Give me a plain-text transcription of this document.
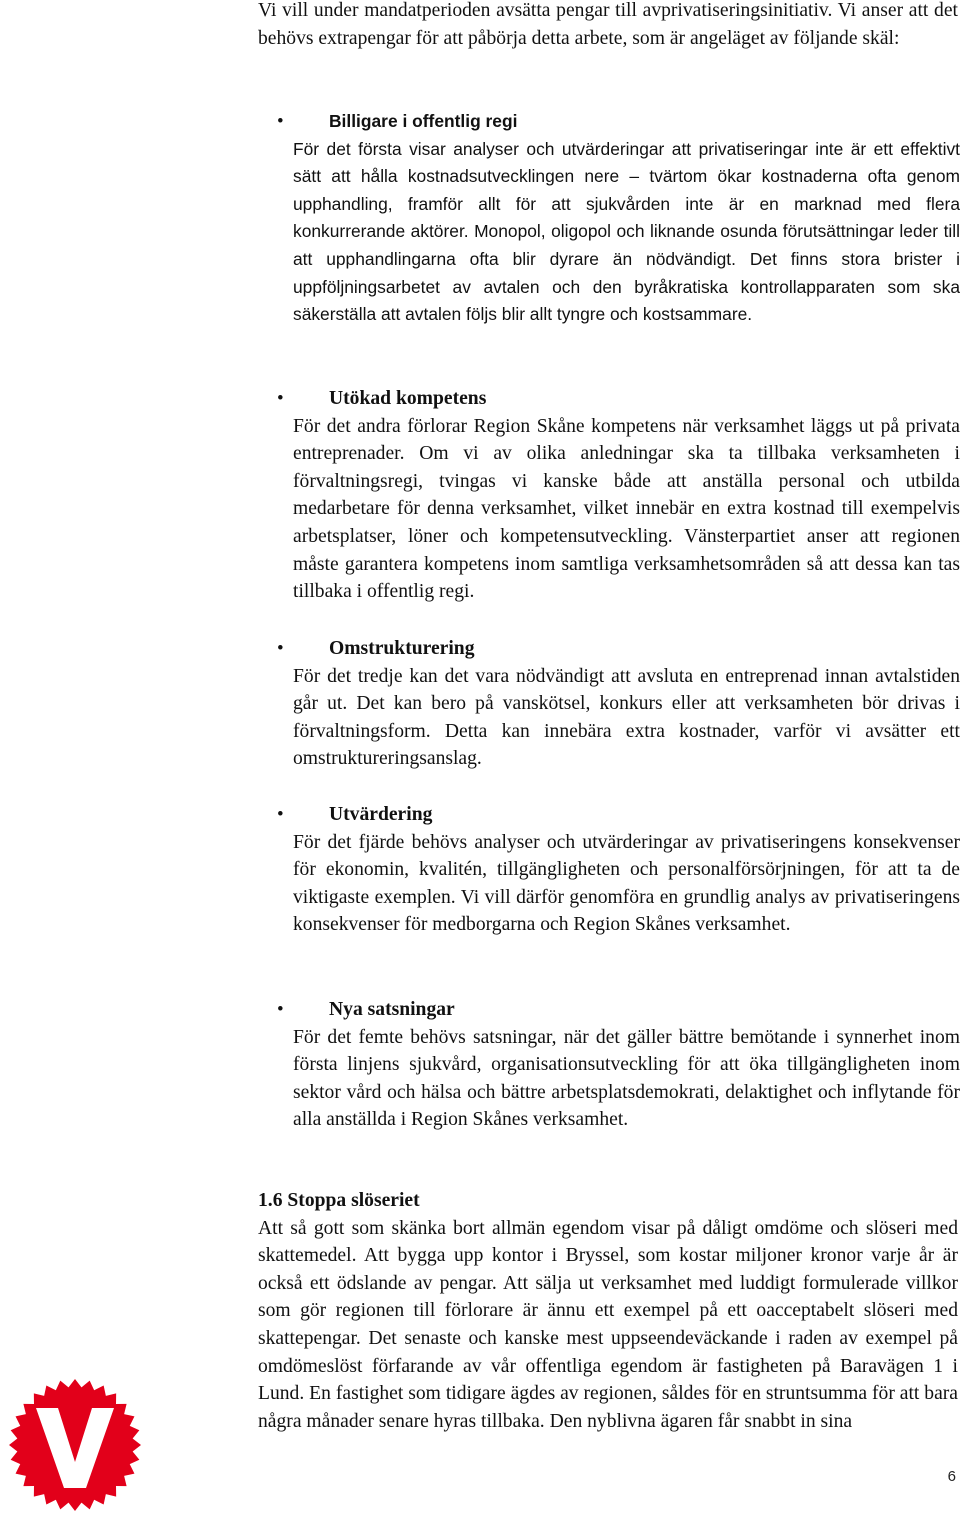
Vi vill under mandatperioden avsätta pengar till avprivatiseringsinitiativ. Vi anser att det behövs extrapengar för att påbörja detta arbete, som är angeläget av följande skäl:

•	Billigare i offentlig regi

För det första visar analyser och utvärderingar att privatiseringar inte är ett effektivt sätt att hålla kostnadsutvecklingen nere – tvärtom ökar kostnaderna ofta genom upphandling, framför allt för att sjukvården inte är en marknad med flera konkurrerande aktörer. Monopol, oligopol och liknande osunda förutsättningar leder till att upphandlingarna ofta blir dyrare än nödvändigt. Det finns stora brister i uppföljningsarbetet av avtalen och den byråkratiska kontrollapparaten som ska säkerställa att avtalen följs blir allt tyngre och kostsammare.

• Utökad kompetens

För det andra förlorar Region Skåne kompetens när verksamhet läggs ut på privata entreprenader. Om vi av olika anledningar ska ta tillbaka verksamheten i förvaltningsregi, tvingas vi kanske både att anställa personal och utbilda medarbetare för denna verksamhet, vilket innebär en extra kostnad till exempelvis arbetsplatser, löner och kompetensutveckling. Vänsterpartiet anser att regionen måste garantera kompetens inom samtliga verksamhetsområden så att dessa kan tas tillbaka i offentlig regi.

• Omstrukturering

För det tredje kan det vara nödvändigt att avsluta en entreprenad innan avtalstiden går ut. Det kan bero på vanskötsel, konkurs eller att verksamheten bör drivas i förvaltningsform. Detta kan innebära extra kostnader, varför vi avsätter ett omstruktureringsanslag.

• Utvärdering

För det fjärde behövs analyser och utvärderingar av privatiseringens konsekvenser för ekonomin, kvalitén, tillgängligheten och personalförsörjningen, för att ta de viktigaste exemplen. Vi vill därför genomföra en grundlig analys av privatiseringens konsekvenser för medborgarna och Region Skånes verksamhet.

• Nya satsningar

För det femte behövs satsningar, när det gäller bättre bemötande i synnerhet inom första linjens sjukvård, organisationsutveckling för att öka tillgängligheten inom sektor vård och hälsa och bättre arbetsplatsdemokrati, delaktighet och inflytande för alla anställda i Region Skånes verksamhet.

1.6 Stoppa slöseriet

Att så gott som skänka bort allmän egendom visar på dåligt omdöme och slöseri med skattemedel. Att bygga upp kontor i Bryssel, som kostar miljoner kronor varje år är också ett ödslande av pengar. Att sälja ut verksamhet med luddigt formulerade villkor som gör regionen till förlorare är ännu ett exempel på ett oacceptabelt slöseri med skattepengar. Det senaste och kanske mest uppseendeväckande i raden av exempel på omdömeslöst förfarande av vår offentliga egendom är fastigheten på Baravägen 1 i Lund. En fastighet som tidigare ägdes av regionen, såldes för en struntsumma för att bara några månader senare hyras tillbaka. Den nyblivna ägaren får snabbt in sina

6
